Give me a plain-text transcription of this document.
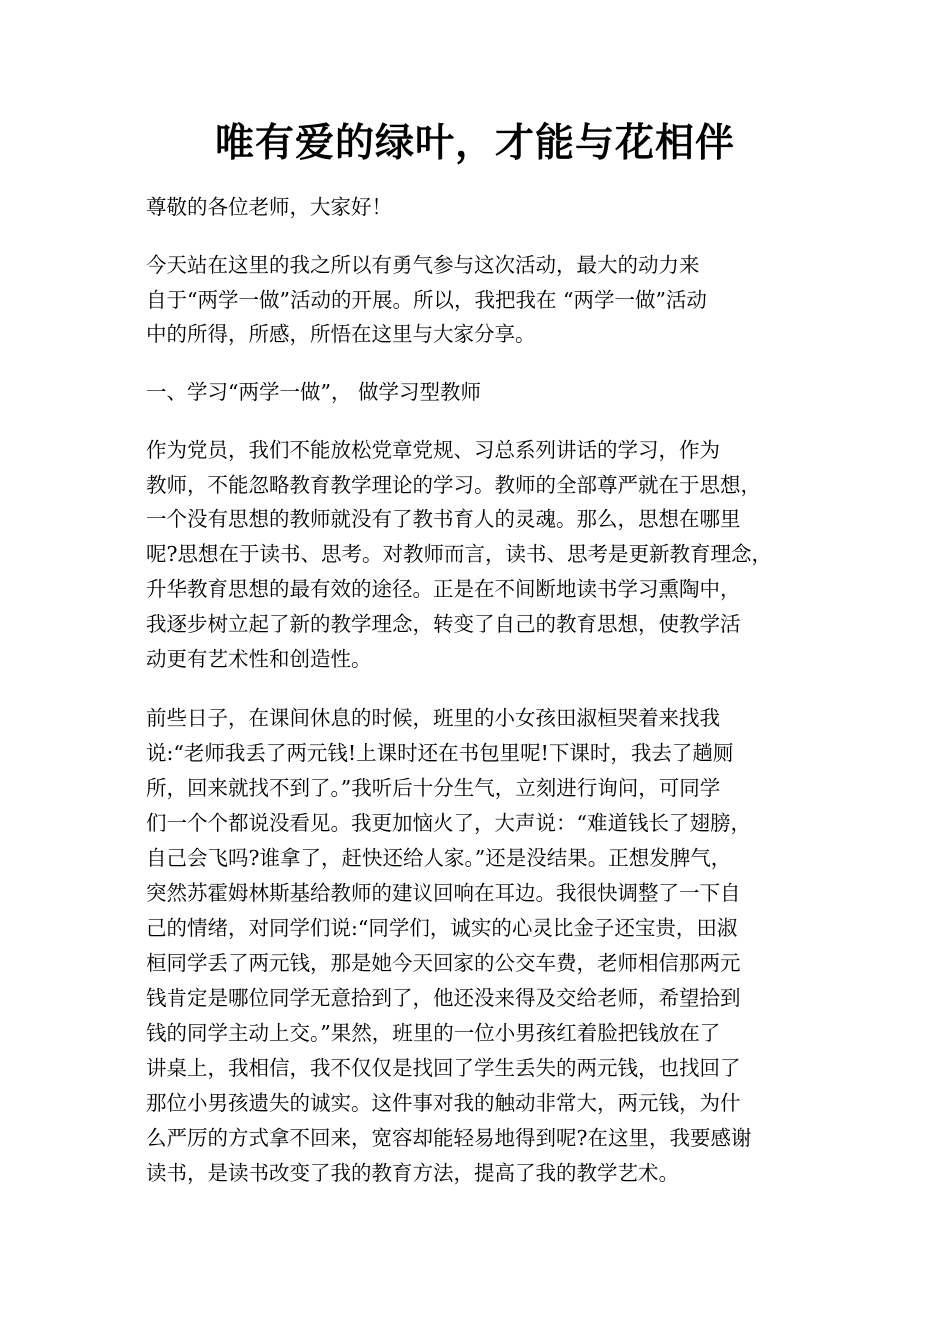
唯有爱的绿叶，才能与花相伴

尊敬的各位老师，大家好！

今天站在这里的我之所以有勇气参与这次活动，最大的动力来

自于“两学一做”活动的开展。所以，我把我在 “两学一做”活动

中的所得，所感，所悟在这里与大家分享。

一、学习“两学一做”， 做学习型教师

作为党员，我们不能放松党章党规、习总系列讲话的学习，作为

教师，不能忽略教育教学理论的学习。教师的全部尊严就在于思想，

一个没有思想的教师就没有了教书育人的灵魂。那么，思想在哪里

呢?思想在于读书、思考。对教师而言，读书、思考是更新教育理念，

升华教育思想的最有效的途径。正是在不间断地读书学习熏陶中，

我逐步树立起了新的教学理念，转变了自己的教育思想，使教学活

动更有艺术性和创造性。

前些日子，在课间休息的时候，班里的小女孩田淑桓哭着来找我

说:“老师我丢了两元钱!上课时还在书包里呢!下课时，我去了趟厕

所，回来就找不到了。”我听后十分生气，立刻进行询问，可同学

们一个个都说没看见。我更加恼火了，大声说：“难道钱长了翅膀，

自己会飞吗?谁拿了，赶快还给人家。”还是没结果。正想发脾气，

突然苏霍姆林斯基给教师的建议回响在耳边。我很快调整了一下自

己的情绪，对同学们说:“同学们，诚实的心灵比金子还宝贵，田淑

桓同学丢了两元钱，那是她今天回家的公交车费，老师相信那两元

钱肯定是哪位同学无意拾到了，他还没来得及交给老师，希望拾到

钱的同学主动上交。”果然，班里的一位小男孩红着脸把钱放在了

讲桌上，我相信，我不仅仅是找回了学生丢失的两元钱，也找回了

那位小男孩遗失的诚实。这件事对我的触动非常大，两元钱，为什

么严厉的方式拿不回来，宽容却能轻易地得到呢?在这里，我要感谢

读书，是读书改变了我的教育方法，提高了我的教学艺术。
